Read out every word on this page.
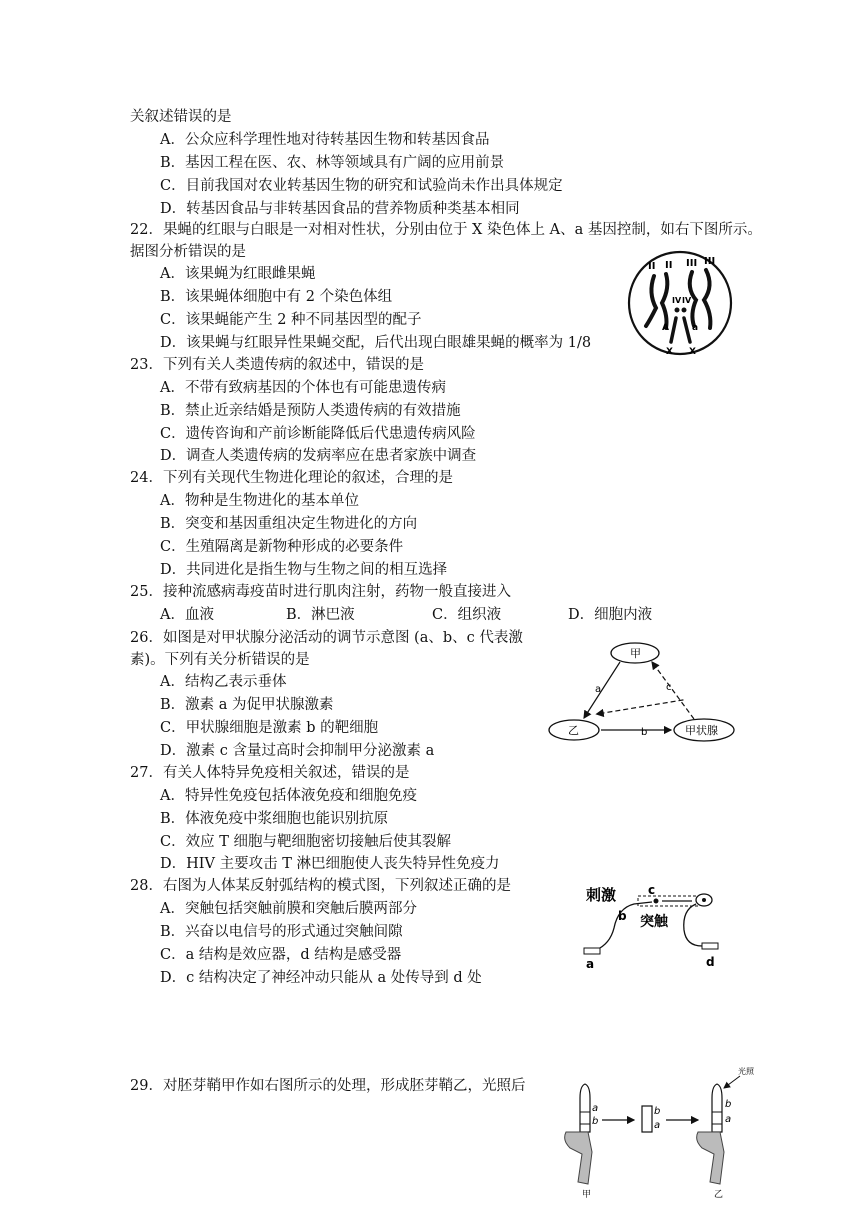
关叙述错误的是
A．公众应科学理性地对待转基因生物和转基因食品
B．基因工程在医、农、林等领域具有广阔的应用前景
C．目前我国对农业转基因生物的研究和试验尚未作出具体规定
D．转基因食品与非转基因食品的营养物质种类基本相同
22．果蝇的红眼与白眼是一对相对性状，分别由位于 X 染色体上 A、a 基因控制，如右下图所示。
据图分析错误的是
A．该果蝇为红眼雌果蝇
B．该果蝇体细胞中有 2 个染色体组
C．该果蝇能产生 2 种不同基因型的配子
D．该果蝇与红眼异性果蝇交配，后代出现白眼雄果蝇的概率为 1/8
II II III III
IV IV
A	a
X X
23．下列有关人类遗传病的叙述中，错误的是
A．不带有致病基因的个体也有可能患遗传病
B．禁止近亲结婚是预防人类遗传病的有效措施
C．遗传咨询和产前诊断能降低后代患遗传病风险
D．调查人类遗传病的发病率应在患者家族中调查
24．下列有关现代生物进化理论的叙述，合理的是
A．物种是生物进化的基本单位
B．突变和基因重组决定生物进化的方向
C．生殖隔离是新物种形成的必要条件
D．共同进化是指生物与生物之间的相互选择
25．接种流感病毒疫苗时进行肌肉注射，药物一般直接进入
A．血液	B．淋巴液	C．组织液	D．细胞内液
26．如图是对甲状腺分泌活动的调节示意图 (a、b、c 代表激
素)。下列有关分析错误的是
A．结构乙表示垂体
B．激素 a 为促甲状腺激素
C．甲状腺细胞是激素 b 的靶细胞
D．激素 c 含量过高时会抑制甲分泌激素 a
甲
乙	甲状腺
a
b
c
27．有关人体特异免疫相关叙述，错误的是
A．特异性免疫包括体液免疫和细胞免疫
B．体液免疫中浆细胞也能识别抗原
C．效应 T 细胞与靶细胞密切接触后使其裂解
D．HIV 主要攻击 T 淋巴细胞使人丧失特异性免疫力
28．右图为人体某反射弧结构的模式图，下列叙述正确的是
A．突触包括突触前膜和突触后膜两部分
B．兴奋以电信号的形式通过突触间隙
C．a 结构是效应器，d 结构是感受器
D．c 结构决定了神经冲动只能从 a 处传导到 d 处
刺激	c
突触
b
a	d
29．对胚芽鞘甲作如右图所示的处理，形成胚芽鞘乙，光照后
a
b
甲
b
a
b
a
乙
光照
